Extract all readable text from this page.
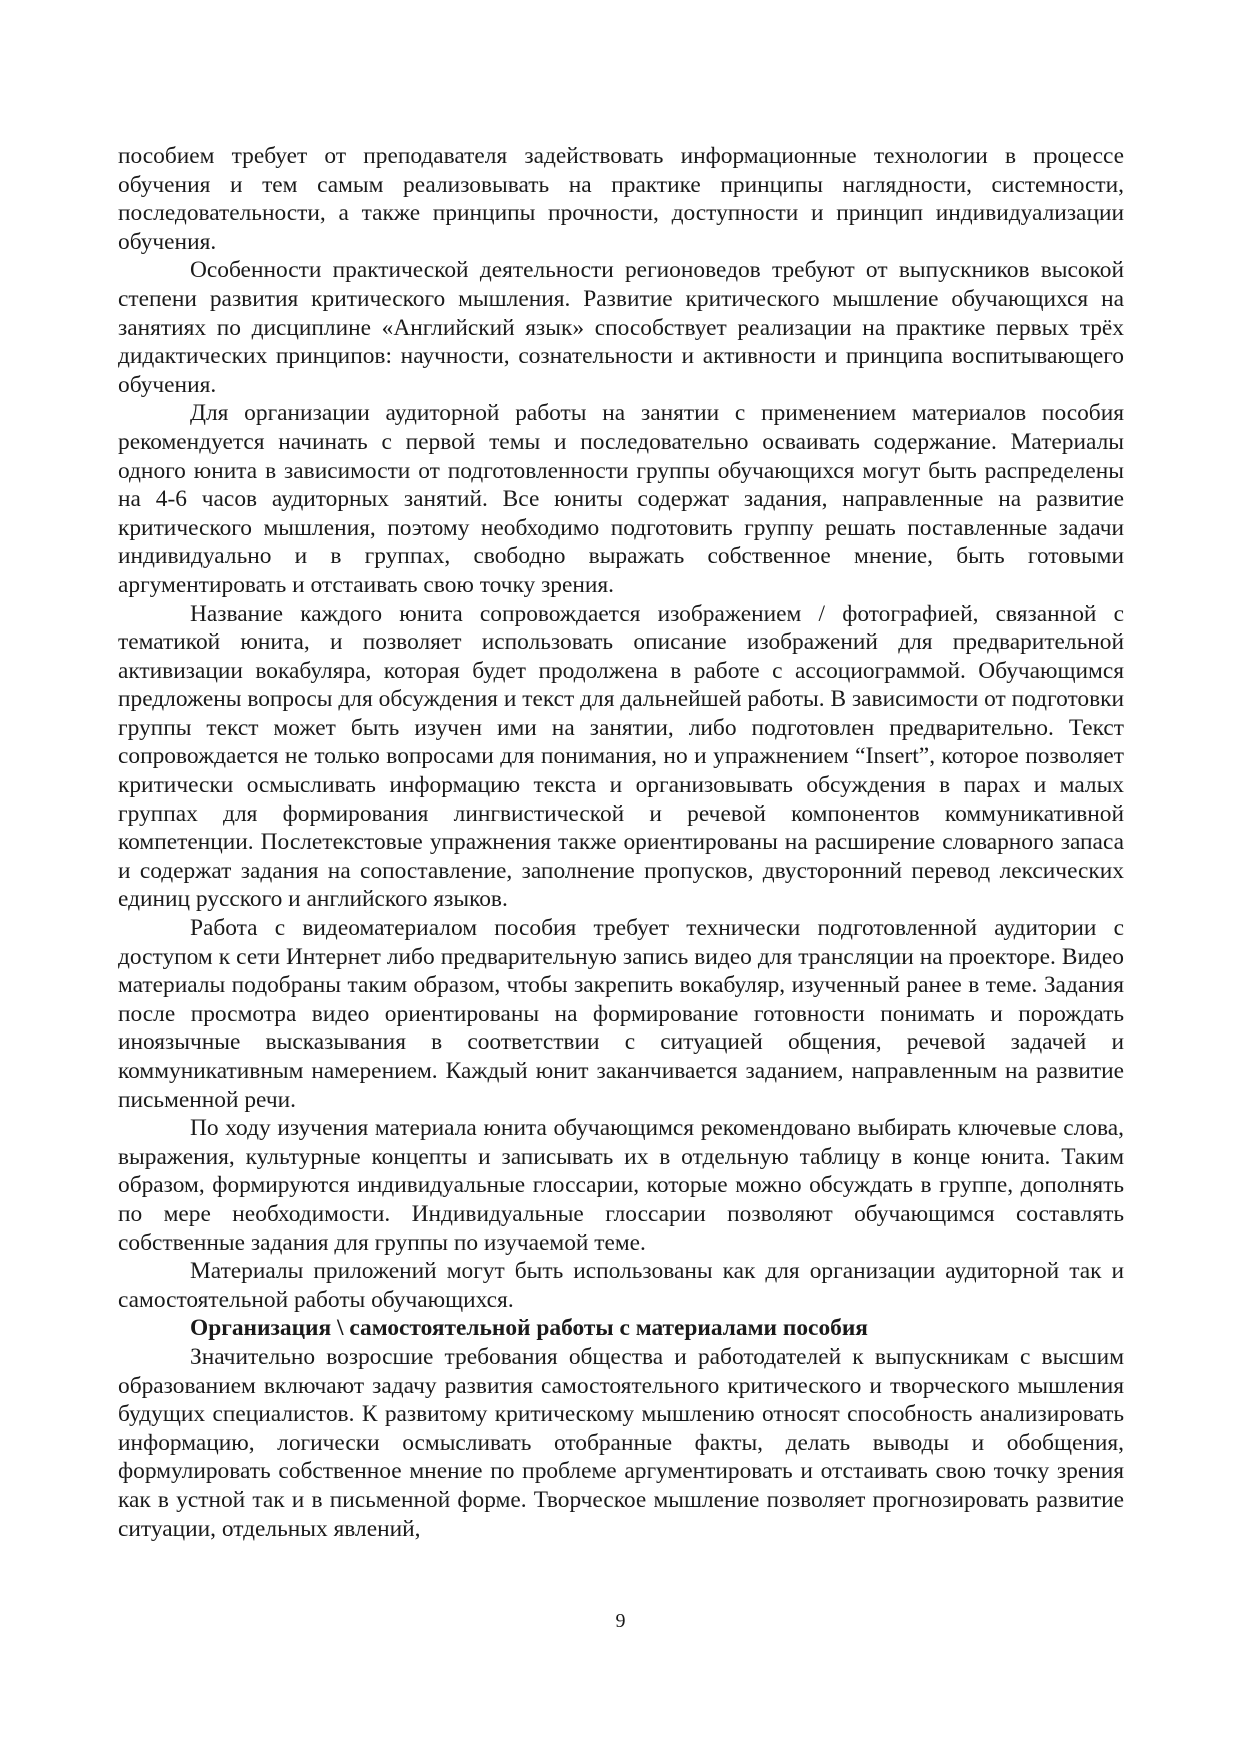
пособием требует от преподавателя задействовать информационные технологии в процессе обучения и тем самым реализовывать на практике принципы наглядности, системности, последовательности, а также принципы прочности, доступности и принцип индивидуализации обучения.

Особенности практической деятельности регионоведов требуют от выпускников высокой степени развития критического мышления. Развитие критического мышление обучающихся на занятиях по дисциплине «Английский язык» способствует реализации на практике первых трёх дидактических принципов: научности, сознательности и активности и принципа воспитывающего обучения.

Для организации аудиторной работы на занятии с применением материалов пособия рекомендуется начинать с первой темы и последовательно осваивать содержание. Материалы одного юнита в зависимости от подготовленности группы обучающихся могут быть распределены на 4-6 часов аудиторных занятий. Все юниты содержат задания, направленные на развитие критического мышления, поэтому необходимо подготовить группу решать поставленные задачи индивидуально и в группах, свободно выражать собственное мнение, быть готовыми аргументировать и отстаивать свою точку зрения.

Название каждого юнита сопровождается изображением / фотографией, связанной с тематикой юнита, и позволяет использовать описание изображений для предварительной активизации вокабуляра, которая будет продолжена в работе с ассоциограммой. Обучающимся предложены вопросы для обсуждения и текст для дальнейшей работы. В зависимости от подготовки группы текст может быть изучен ими на занятии, либо подготовлен предварительно. Текст сопровождается не только вопросами для понимания, но и упражнением “Insert”, которое позволяет критически осмысливать информацию текста и организовывать обсуждения в парах и малых группах для формирования лингвистической и речевой компонентов коммуникативной компетенции. Послетекстовые упражнения также ориентированы на расширение словарного запаса и содержат задания на сопоставление, заполнение пропусков, двусторонний перевод лексических единиц русского и английского языков.

Работа с видеоматериалом пособия требует технически подготовленной аудитории с доступом к сети Интернет либо предварительную запись видео для трансляции на проекторе. Видео материалы подобраны таким образом, чтобы закрепить вокабуляр, изученный ранее в теме. Задания после просмотра видео ориентированы на формирование готовности понимать и порождать иноязычные высказывания в соответствии с ситуацией общения, речевой задачей и коммуникативным намерением. Каждый юнит заканчивается заданием, направленным на развитие письменной речи.

По ходу изучения материала юнита обучающимся рекомендовано выбирать ключевые слова, выражения, культурные концепты и записывать их в отдельную таблицу в конце юнита. Таким образом, формируются индивидуальные глоссарии, которые можно обсуждать в группе, дополнять по мере необходимости. Индивидуальные глоссарии позволяют обучающимся составлять собственные задания для группы по изучаемой теме.

Материалы приложений могут быть использованы как для организации аудиторной так и самостоятельной работы обучающихся.

Организация \ самостоятельной работы с материалами пособия

Значительно возросшие требования общества и работодателей к выпускникам с высшим образованием включают задачу развития самостоятельного критического и творческого мышления будущих специалистов. К развитому критическому мышлению относят способность анализировать информацию, логически осмысливать отобранные факты, делать выводы и обобщения, формулировать собственное мнение по проблеме аргументировать и отстаивать свою точку зрения как в устной так и в письменной форме. Творческое мышление позволяет прогнозировать развитие ситуации, отдельных явлений,

9
